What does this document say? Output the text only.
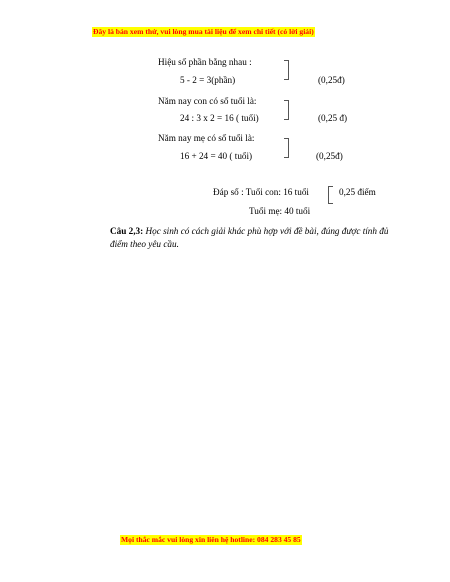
Đây là bản xem thử, vui lòng mua tài liệu để xem chi tiết (có lời giải)
Hiệu số phần bằng nhau :
5 - 2 = 3(phần)	(0,25đ)
Năm nay con có số tuổi là:
24 : 3 x 2 = 16 ( tuổi)	(0,25 đ)
Năm nay mẹ có số tuổi là:
16 + 24 = 40 ( tuổi)	(0,25đ)
Đáp số : Tuổi con: 16 tuổi
Tuổi mẹ: 40 tuổi
0,25 điểm
Câu 2,3: Học sinh có cách giải khác phù hợp với đề bài, đúng được tính đủ điểm theo yêu cầu.
Mọi thắc mắc vui lòng xin liên hệ hotline: 084 283 45 85
